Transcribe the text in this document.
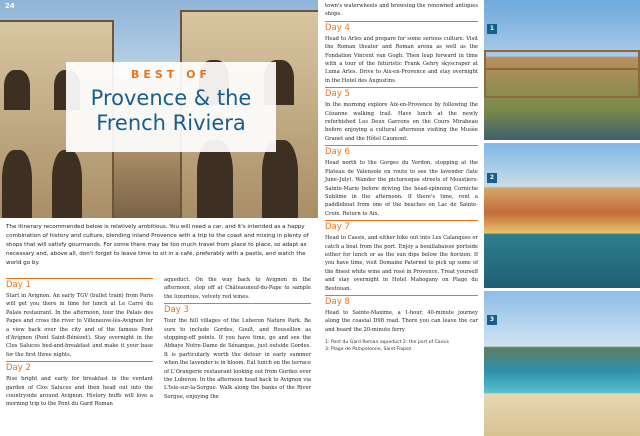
24
BEST OF
Provence & the
French Riviera
The itinerary recommended below is relatively ambitious. You will need a car, and it's intended as a happy combination of history and culture, blending inland Provence with a trip to the coast and mixing in plenty of shops that will satisfy gourmands. For some there may be too much travel from place to place, so adapt as necessary and, above all, don't forget to leave time to sit in a café, preferably with a pastis, and watch the world go by.
Day 1

Start in Avignon. An early TGV (bullet train) from Paris will get you there in time for lunch at Le Carré du Palais restaurant. In the afternoon, tour the Palais des Papes and cross the river to Villeneuve-lès-Avignon for a view back over the city and of the famous Pont d'Avignon (Pont Saint-Bénézet). Stay overnight in the Clos Saluces bed-and-breakfast and make it your base for the first three nights.

Day 2

Rise bright and early for breakfast in the verdant garden of Clos Saluces and then head out into the countryside around Avignon. History buffs will love a morning trip to the Pont du Gard Roman

aqueduct. On the way back to Avignon in the afternoon, stop off at Châteauneuf-du-Pape to sample the luxurious, velvety red wines.

Day 3

Tour the hill villages of the Luberon Nature Park. Be sure to include Gordes, Goult, and Roussillon as stopping-off points. If you have time, go and see the Abbaye Notre-Dame de Sénanque, just outside Gordes. It is particularly worth the detour in early summer when the lavender is in bloom. Eat lunch on the terrace of L'Orangerie restaurant looking out from Gordes over the Luberon. In the afternoon head back to Avignon via L'Isle-sur-la-Sorgue. Walk along the banks of the River Sorgue, enjoying the

town's waterwheels and browsing the renowned antiques shops.

Day 4

Head to Arles and prepare for some serious culture. Visit the Roman theater and Roman arena as well as the Fondation Vincent van Gogh. Then leap forward in time with a tour of the futuristic Frank Gehry skyscraper at Luma Arles. Drive to Aix-en-Provence and stay overnight in the Hotel des Augustins.

Day 5

In the morning explore Aix-en-Provence by following the Cézanne walking trail. Have lunch at the newly refurbished Les Deux Garcons on the Cours Mirabeau before enjoying a cultural afternoon visiting the Musée Granet and the Hôtel Caumont.

Day 6

Head north to the Gorges du Verdon, stopping at the Plateau de Valensole en route to see the lavender (late June–July). Wander the picturesque streets of Moustiers-Sainte-Marie before driving the head-spinning Corniche Sublime in the afternoon. If there's time, rent a paddleboat from one of the beaches on Lac de Sainte-Croix. Return to Aix.

Day 7

Head to Cassis, and either hike out into Les Calanques or catch a boat from the port. Enjoy a bouillabaisse portside either for lunch or as the sun dips below the horizon. If you have time, visit Domaine Paternel to pick up some of the finest white wine and rosé in Provence. Treat yourself and stay overnight in Hotel Mahogany on Plage du Bestouan.

Day 8

Head to Sainte-Maxime, a 1-hour, 40-minute journey along the coastal D98 road. There you can leave the car and board the 20-minute ferry

1: Pont du Gard Roman aqueduct 2: the port of Cassis
3: Plage de Pampelonne, Saint-Tropez
1
2
3
